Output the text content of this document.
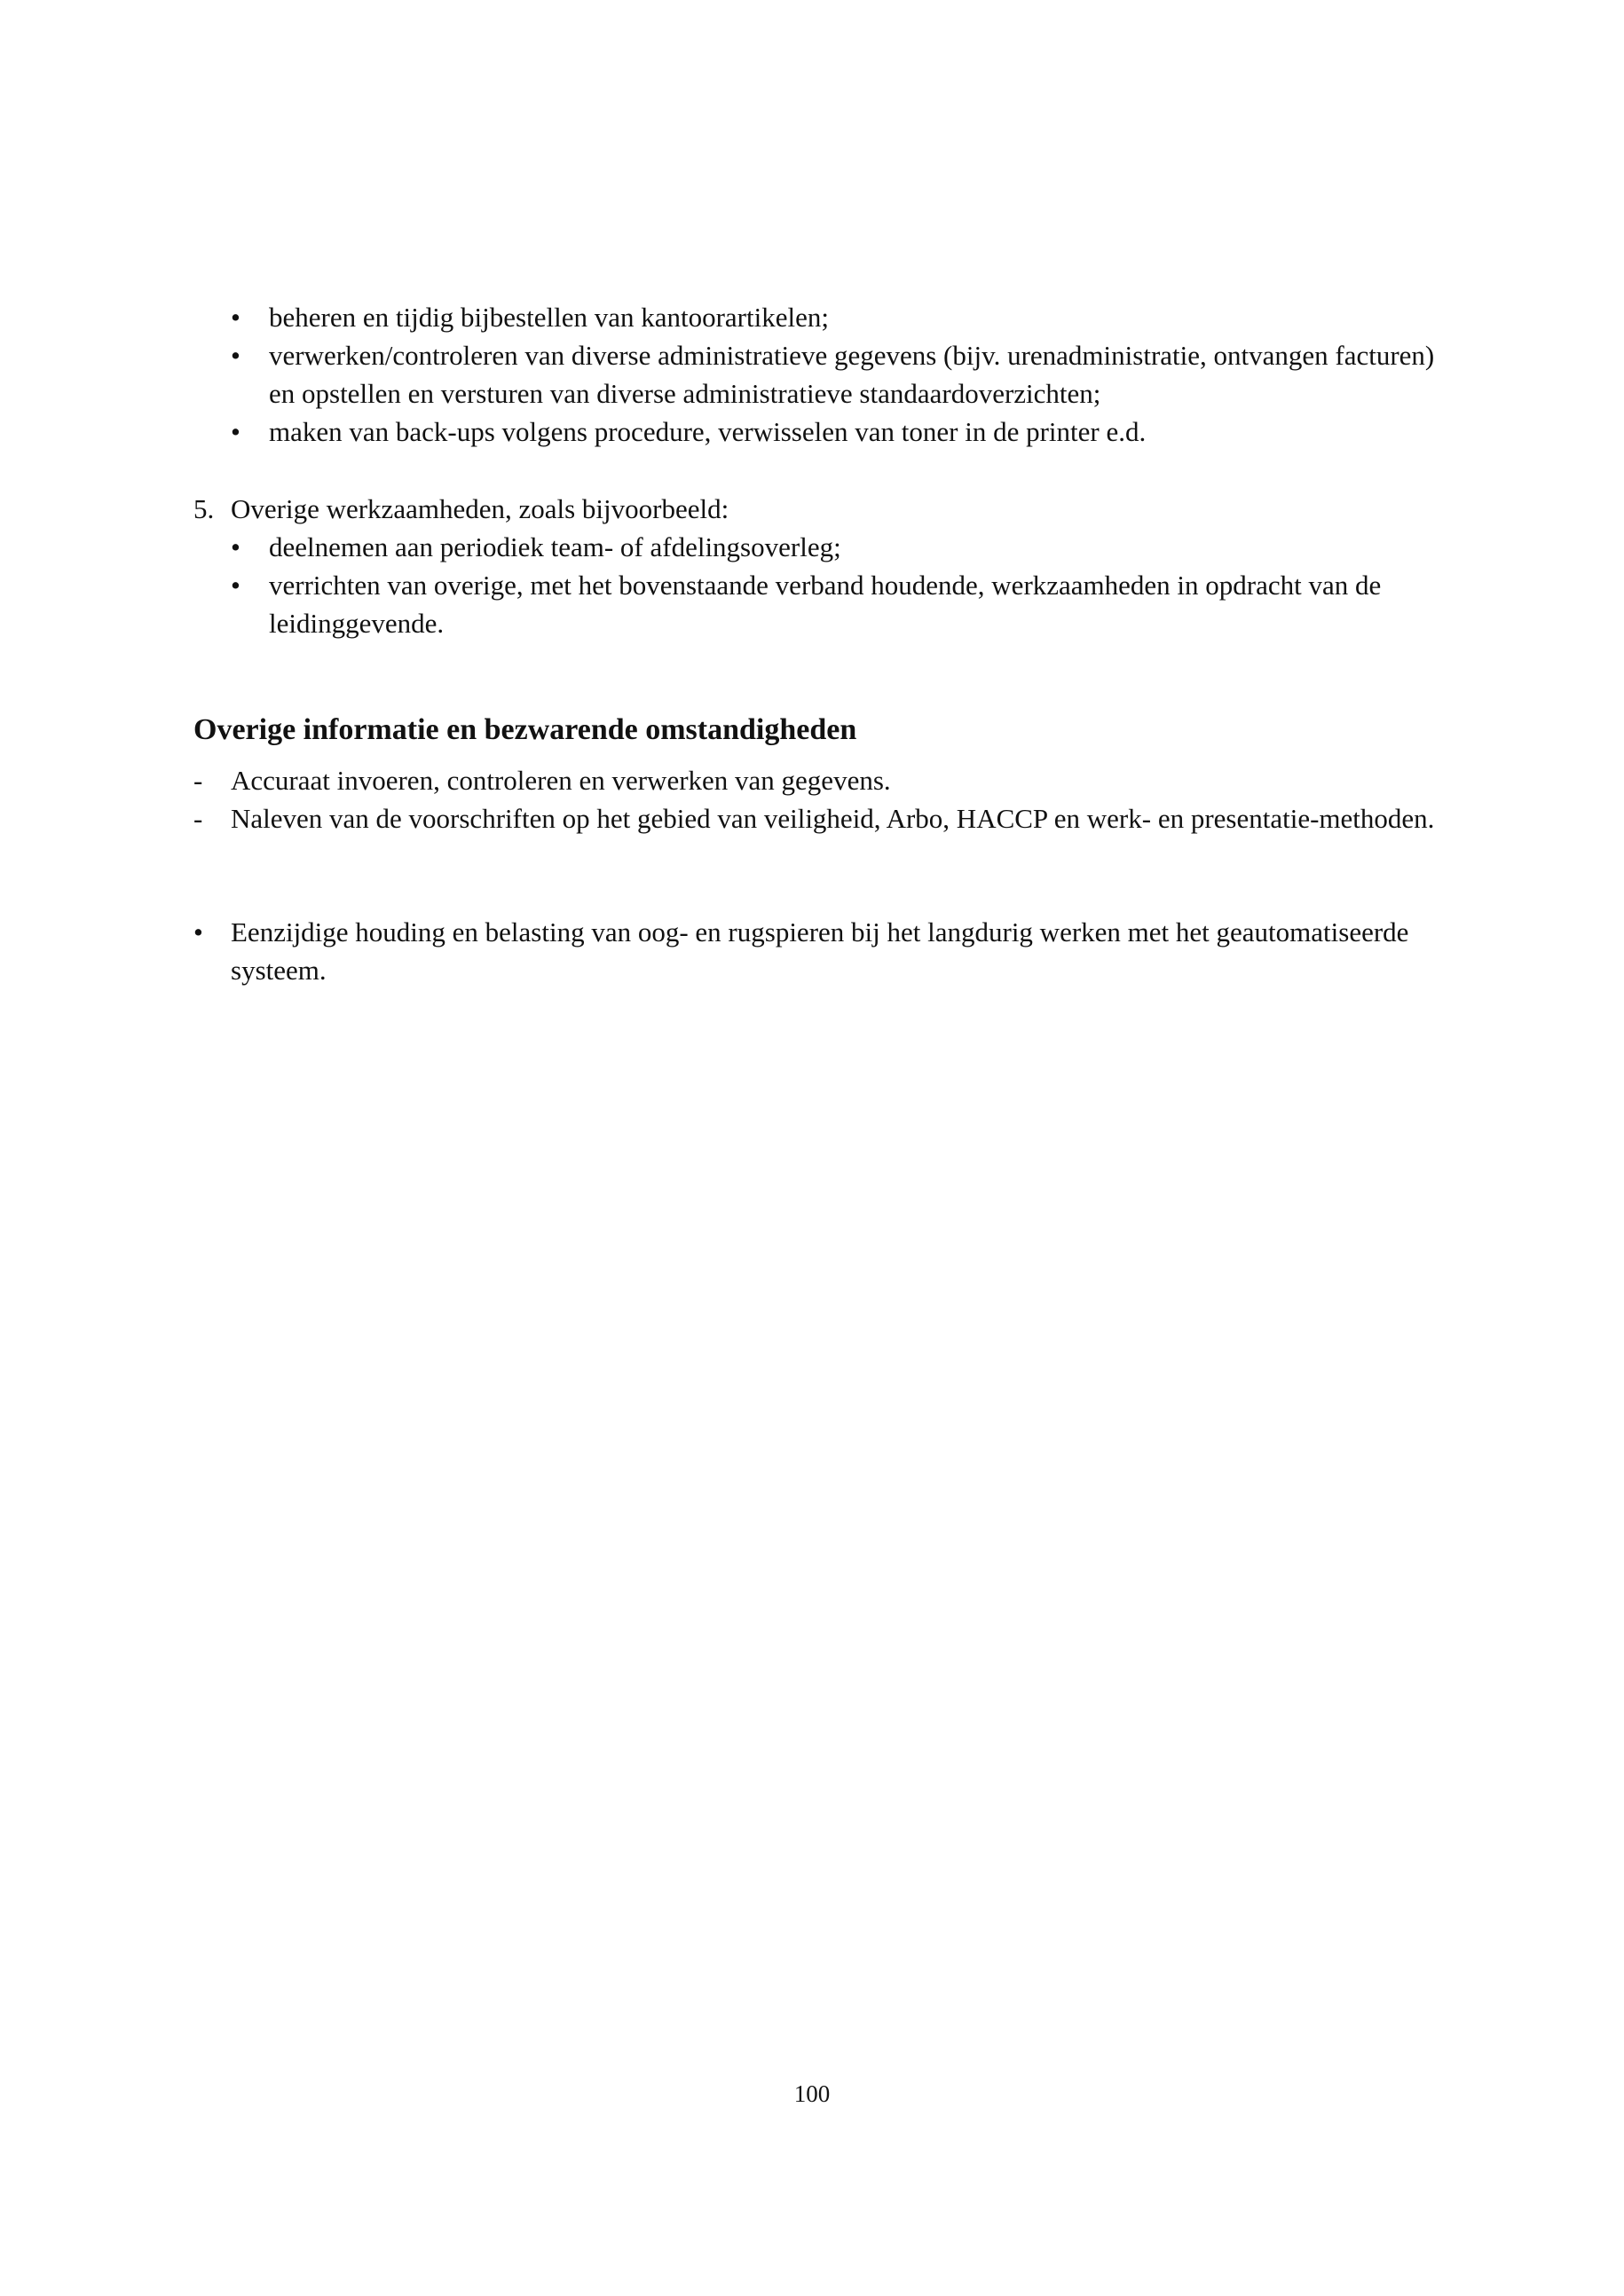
•	beheren en tijdig bijbestellen van kantoorartikelen;
•	verwerken/controleren van diverse administratieve gegevens (bijv. urenadministratie, ontvangen facturen) en opstellen en versturen van diverse administratieve standaardoverzichten;
•	maken van back-ups volgens procedure, verwisselen van toner in de printer e.d.
5. Overige werkzaamheden, zoals bijvoorbeeld:
•	deelnemen aan periodiek team- of afdelingsoverleg;
•	verrichten van overige, met het bovenstaande verband houdende, werkzaamheden in opdracht van de leidinggevende.
Overige informatie en bezwarende omstandigheden
-	Accuraat invoeren, controleren en verwerken van gegevens.
-	Naleven van de voorschriften op het gebied van veiligheid, Arbo, HACCP en werk- en presentatie-methoden.
•	Eenzijdige houding en belasting van oog- en rugspieren bij het langdurig werken met het geautomatiseerde systeem.
100
